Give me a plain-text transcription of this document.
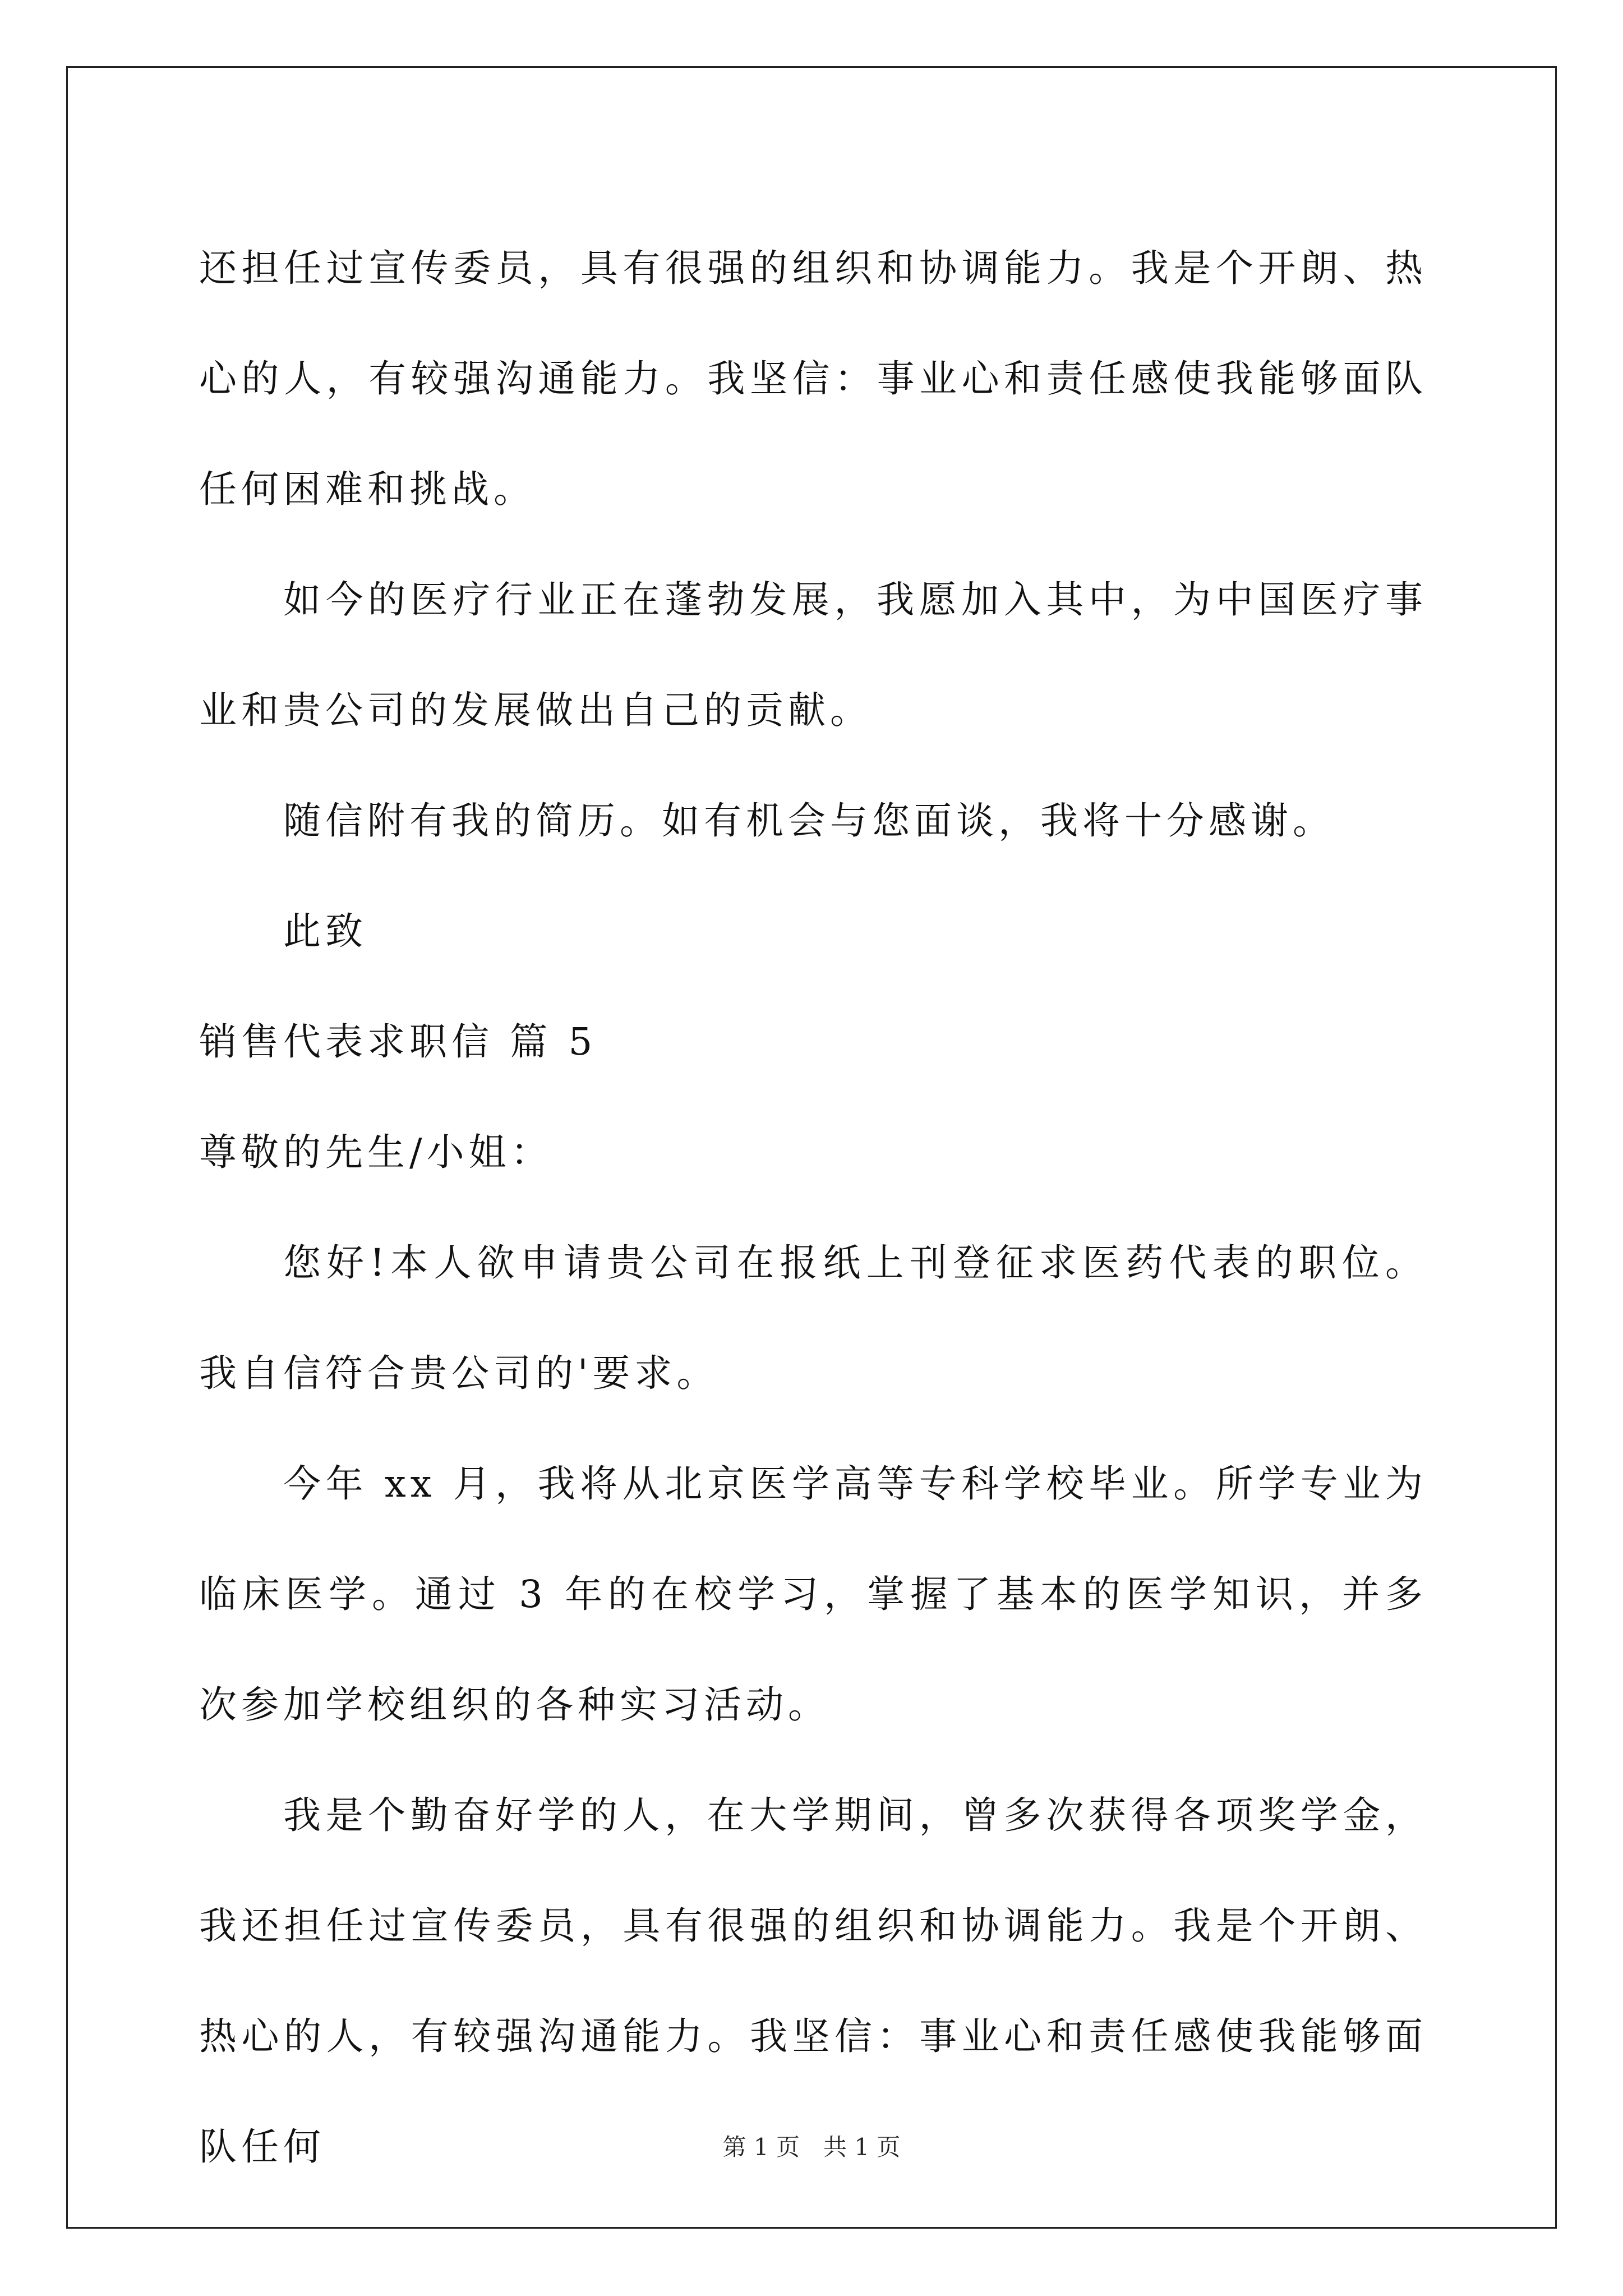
还担任过宣传委员，具有很强的组织和协调能力。我是个开朗、热心的人，有较强沟通能力。我坚信：事业心和责任感使我能够面队任何困难和挑战。

如今的医疗行业正在蓬勃发展，我愿加入其中，为中国医疗事业和贵公司的发展做出自己的贡献。

随信附有我的简历。如有机会与您面谈，我将十分感谢。

此致

销售代表求职信 篇 5

尊敬的先生/小姐：

您好!本人欲申请贵公司在报纸上刊登征求医药代表的职位。我自信符合贵公司的'要求。

今年 xx 月，我将从北京医学高等专科学校毕业。所学专业为临床医学。通过 3 年的在校学习，掌握了基本的医学知识，并多次参加学校组织的各种实习活动。

我是个勤奋好学的人，在大学期间，曾多次获得各项奖学金，我还担任过宣传委员，具有很强的组织和协调能力。我是个开朗、热心的人，有较强沟通能力。我坚信：事业心和责任感使我能够面队任何	第 1 页 共 1 页
